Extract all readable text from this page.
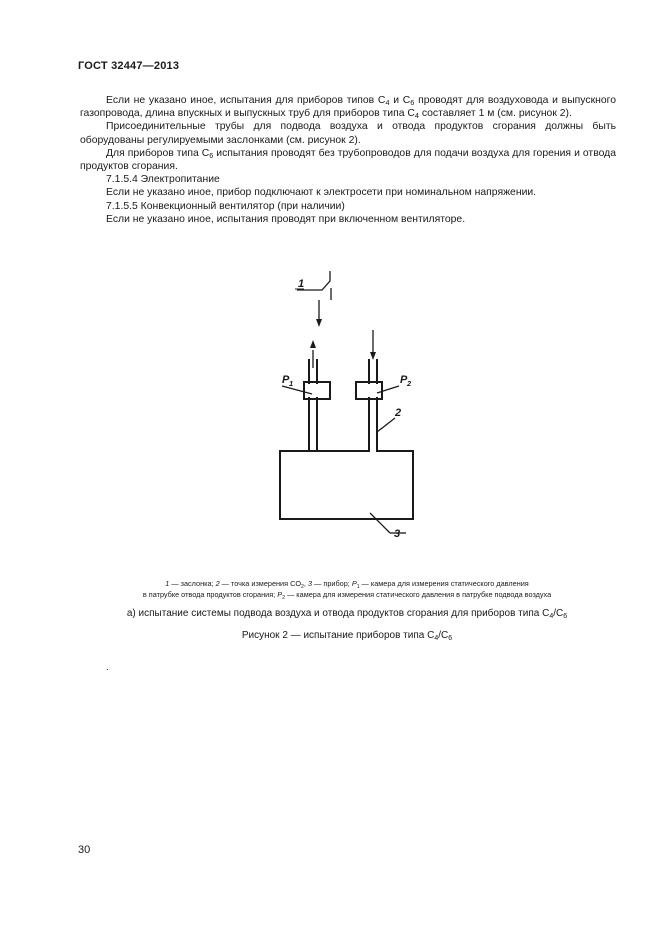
ГОСТ 32447—2013

Если не указано иное, испытания для приборов типов $C_4$ и $C_6$ проводят для воздуховода и выпускного газопровода, длина впускных и выпускных труб для приборов типа $C_4$ составляет 1 м (см. рисунок 2).

Присоединительные трубы для подвода воздуха и отвода продуктов сгорания должны быть оборудованы регулируемыми заслонками (см. рисунок 2).

Для приборов типа $C_6$ испытания проводят без трубопроводов для подачи воздуха для горения и отвода продуктов сгорания.

7.1.5.4 Электропитание

Если не указано иное, прибор подключают к электросети при номинальном напряжении.

7.1.5.5 Конвекционный вентилятор (при наличии)

Если не указано иное, испытания проводят при включенном вентиляторе.

1
P 1	P 2
2
3
1 — заслонка; 2 — точка измерения $CO_2$, 3 — прибор; $P_1$ — камера для измерения статического давления
в патрубке отвода продуктов сгорания; $P_2$ — камера для измерения статического давления в патрубке подвода воздуха
а) испытание системы подвода воздуха и отвода продуктов сгорания для приборов типа $C_4/C_6$
Рисунок 2 — испытание приборов типа $C_4/C_6$
.
30
